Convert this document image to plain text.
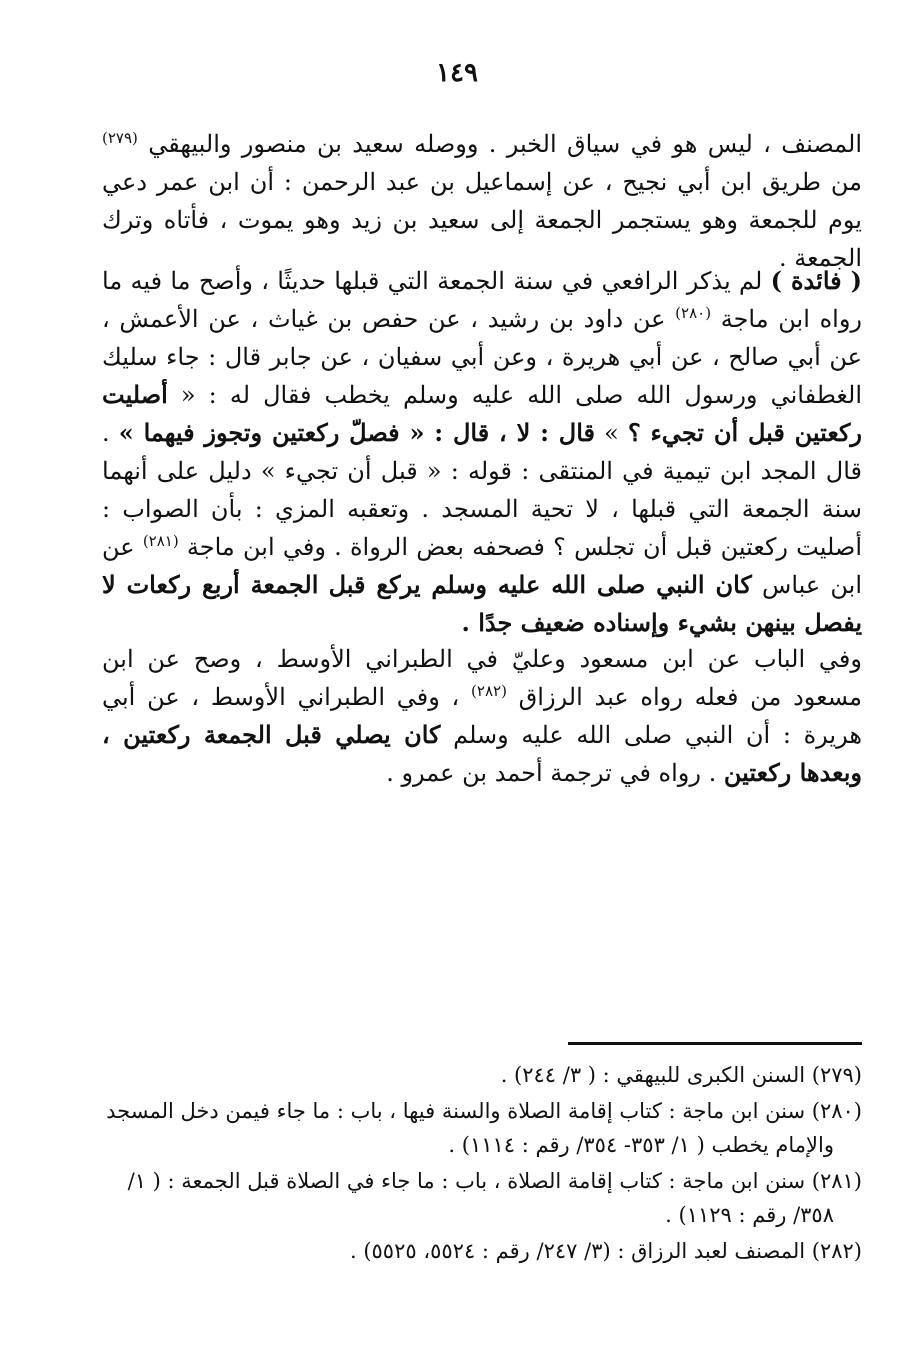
١٤٩

المصنف ، ليس هو في سياق الخبر . ووصله سعيد بن منصور والبيهقي $^{(٢٧٩)}$ من طريق ابن أبي نجيح ، عن إسماعيل بن عبد الرحمن : أن ابن عمر دعي يوم للجمعة وهو يستجمر الجمعة إلى سعيد بن زيد وهو يموت ، فأتاه وترك الجمعة .

( فائدة ) لم يذكر الرافعي في سنة الجمعة التي قبلها حديثًا ، وأصح ما فيه ما رواه ابن ماجة $^{(٢٨٠)}$ عن داود بن رشيد ، عن حفص بن غياث ، عن الأعمش ، عن أبي صالح ، عن أبي هريرة ، وعن أبي سفيان ، عن جابر قال : جاء سليك الغطفاني ورسول الله صلى الله عليه وسلم يخطب فقال له : « أصليت ركعتين قبل أن تجيء ؟ » قال : لا ، قال : « فصلّ ركعتين وتجوز فيهما » . قال المجد ابن تيمية في المنتقى : قوله : « قبل أن تجيء » دليل على أنهما سنة الجمعة التي قبلها ، لا تحية المسجد . وتعقبه المزي : بأن الصواب : أصليت ركعتين قبل أن تجلس ؟ فصحفه بعض الرواة . وفي ابن ماجة $^{(٢٨١)}$ عن ابن عباس كان النبي صلى الله عليه وسلم يركع قبل الجمعة أربع ركعات لا يفصل بينهن بشيء وإسناده ضعيف جدًا .

وفي الباب عن ابن مسعود وعليّ في الطبراني الأوسط ، وصح عن ابن مسعود من فعله رواه عبد الرزاق $^{(٢٨٢)}$ ، وفي الطبراني الأوسط ، عن أبي هريرة : أن النبي صلى الله عليه وسلم كان يصلي قبل الجمعة ركعتين ، وبعدها ركعتين . رواه في ترجمة أحمد بن عمرو .

(٢٧٩) السنن الكبرى للبيهقي : ( ٣/ ٢٤٤) .

(٢٨٠) سنن ابن ماجة : كتاب إقامة الصلاة والسنة فيها ، باب : ما جاء فيمن دخل المسجد
والإمام يخطب ( ١/ ٣٥٣- ٣٥٤/ رقم : ١١١٤) .

(٢٨١) سنن ابن ماجة : كتاب إقامة الصلاة ، باب : ما جاء في الصلاة قبل الجمعة : ( ١/
٣٥٨/ رقم : ١١٢٩) .

(٢٨٢) المصنف لعبد الرزاق : (٣/ ٢٤٧/ رقم : ٥٥٢٤، ٥٥٢٥) .
